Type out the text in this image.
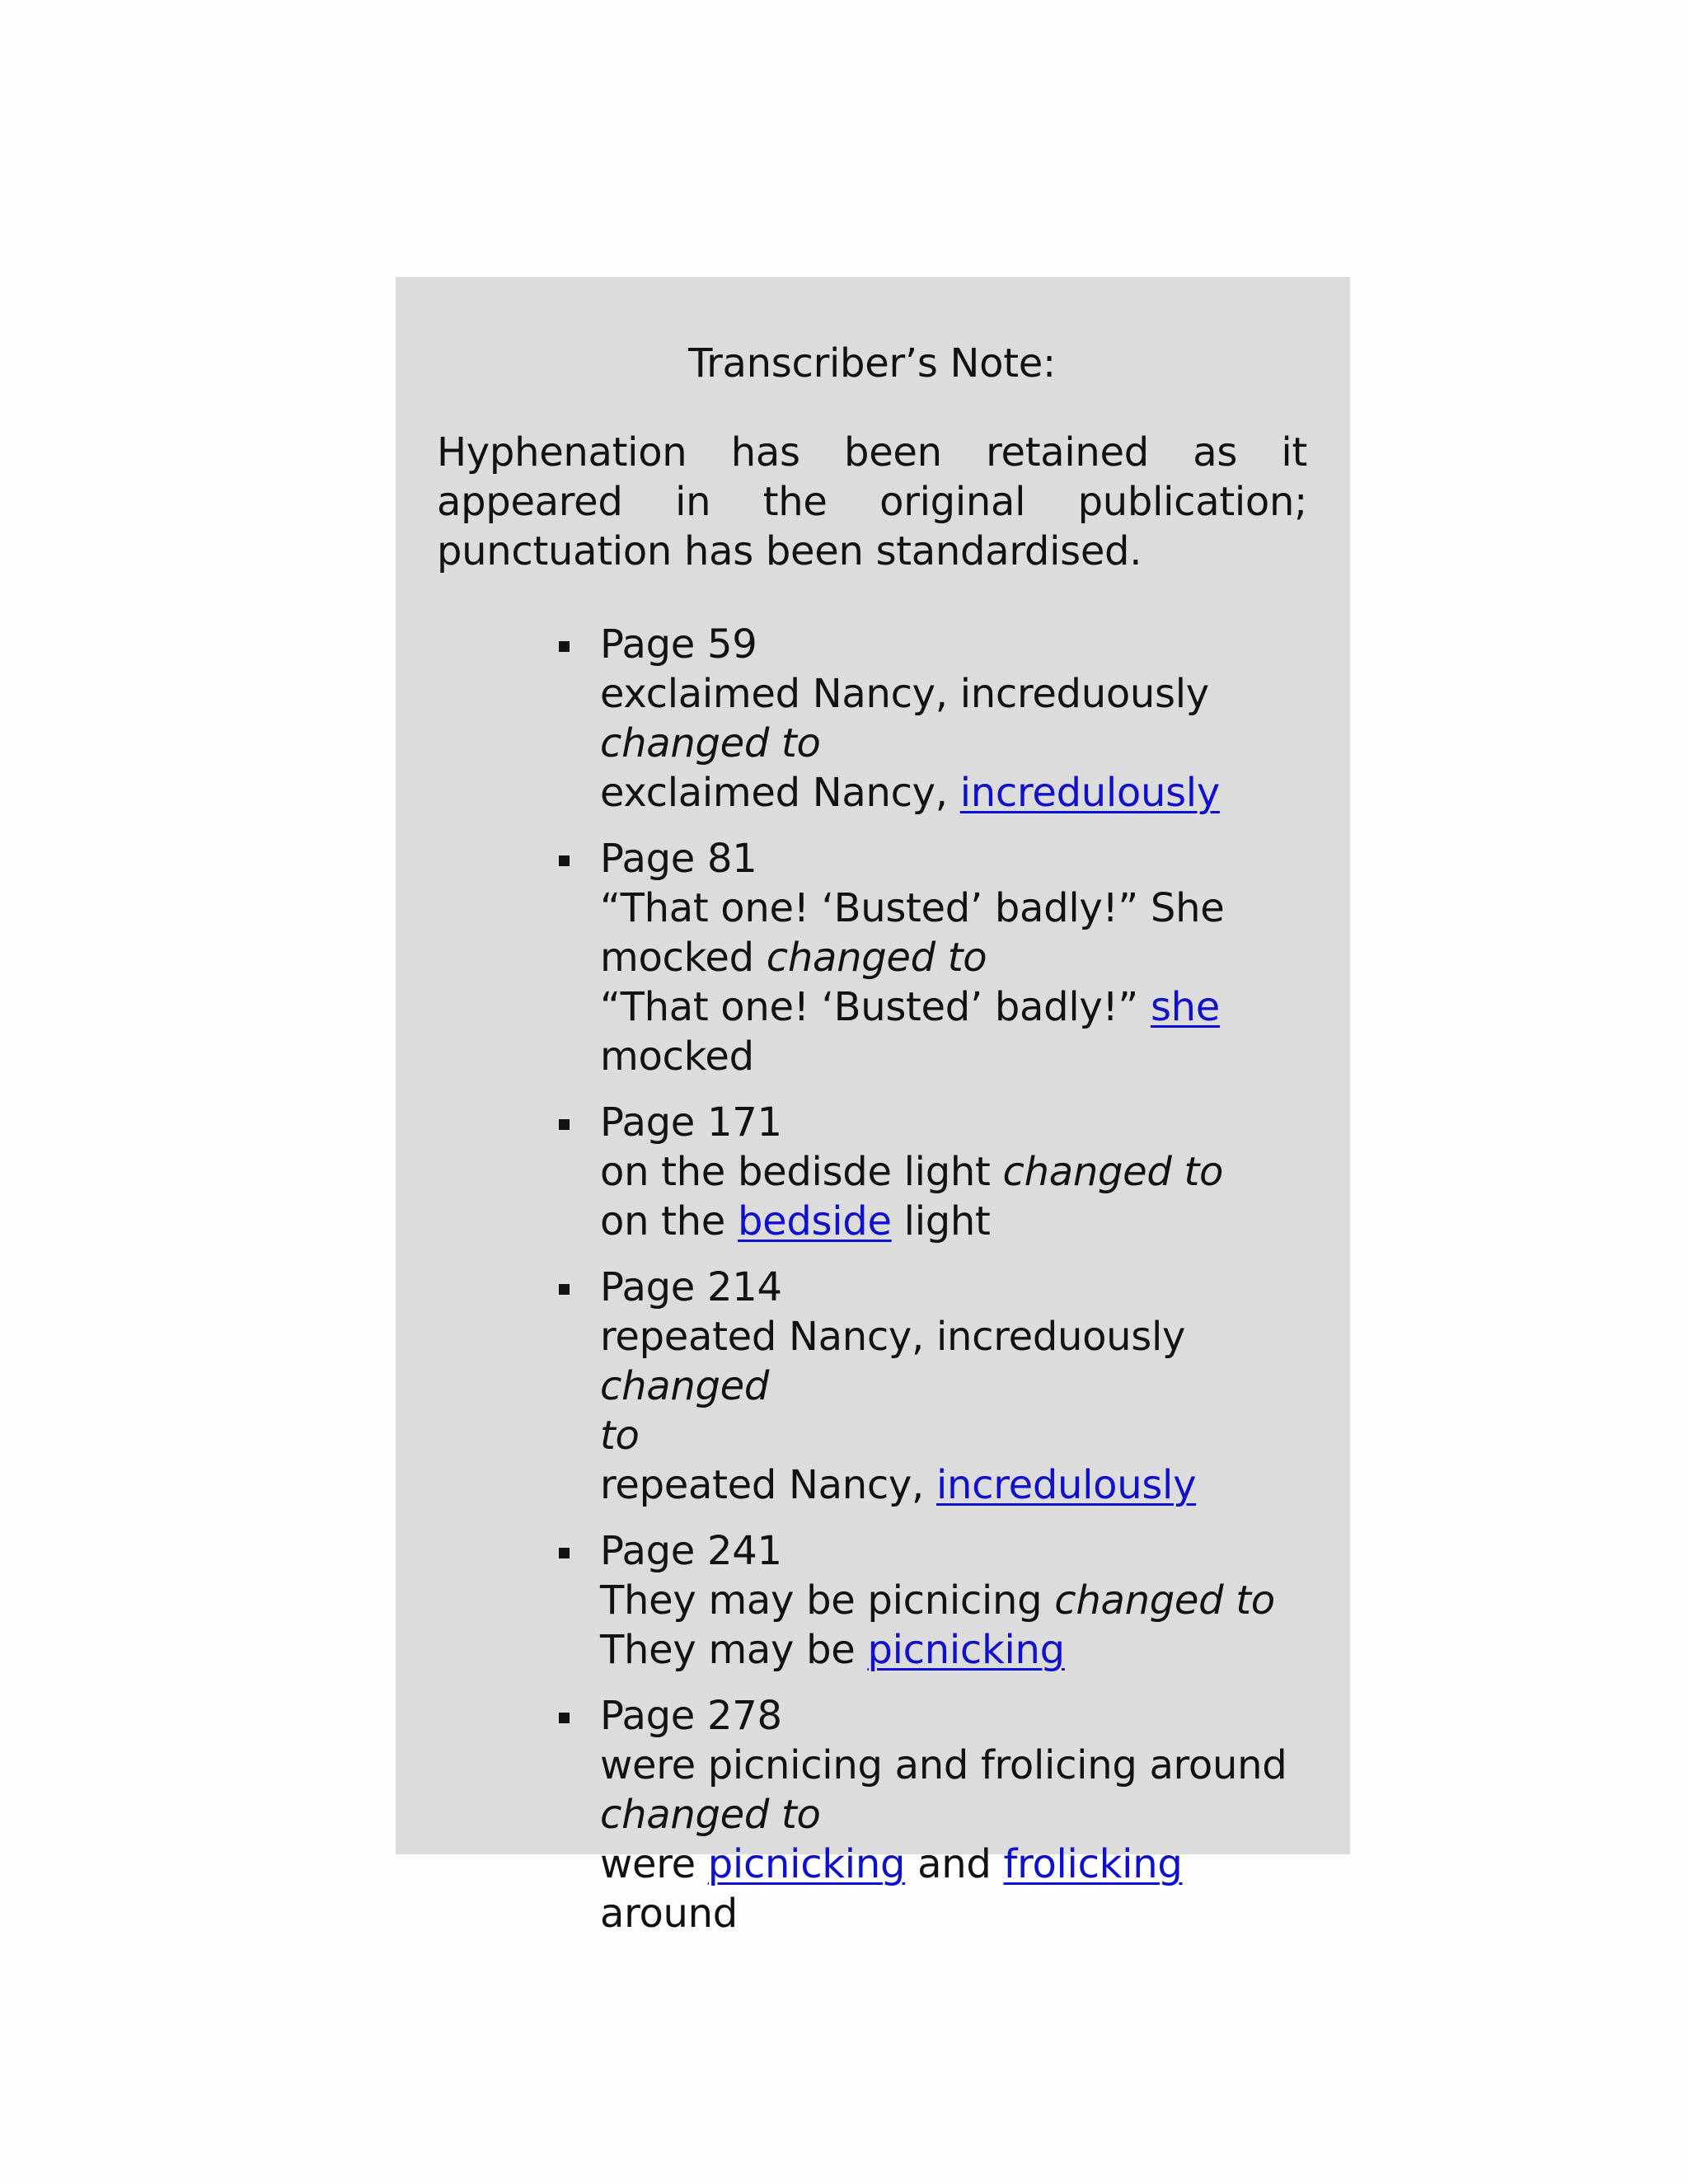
Transcriber’s Note:
Hyphenation has been retained as it appeared in the original publication; punctuation has been standardised.
Page 59
exclaimed Nancy, increduously
changed to
exclaimed Nancy, incredulously
Page 81
“That one! ‘Busted’ badly!” She
mocked changed to
“That one! ‘Busted’ badly!” she mocked
Page 171
on the bedisde light changed to
on the bedside light
Page 214
repeated Nancy, increduously changed
to
repeated Nancy, incredulously
Page 241
They may be picnicing changed to
They may be picnicking
Page 278
were picnicing and frolicing around
changed to
were picnicking and frolicking around
